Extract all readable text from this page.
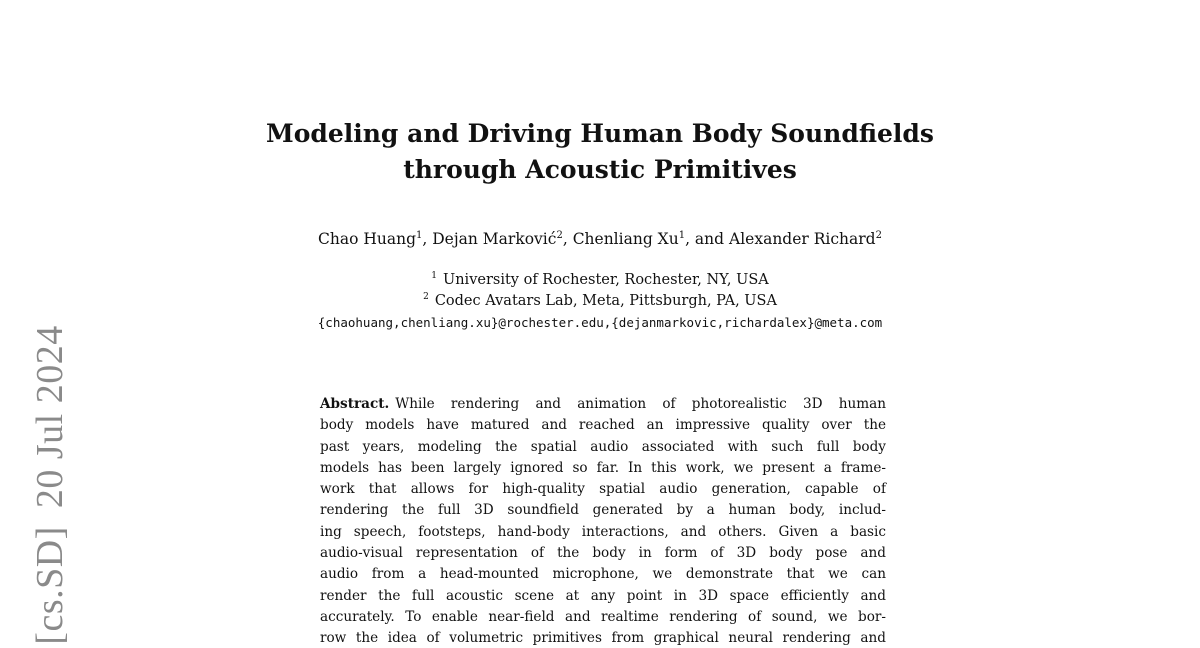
[cs.SD]20 Jul 2024
Modeling and Driving Human Body Soundfields
through Acoustic Primitives
Chao Huang$^1$, Dejan Marković$^2$, Chenliang Xu$^1$, and Alexander Richard$^2$
$^1$ University of Rochester, Rochester, NY, USA
$^2$ Codec Avatars Lab, Meta, Pittsburgh, PA, USA
{chaohuang,chenliang.xu}@rochester.edu,{dejanmarkovic,richardalex}@meta.com
Abstract. While rendering and animation of photorealistic 3D human
body models have matured and reached an impressive quality over the
past years, modeling the spatial audio associated with such full body
models has been largely ignored so far. In this work, we present a frame-
work that allows for high-quality spatial audio generation, capable of
rendering the full 3D soundfield generated by a human body, includ-
ing speech, footsteps, hand-body interactions, and others. Given a basic
audio-visual representation of the body in form of 3D body pose and
audio from a head-mounted microphone, we demonstrate that we can
render the full acoustic scene at any point in 3D space efficiently and
accurately. To enable near-field and realtime rendering of sound, we bor-
row the idea of volumetric primitives from graphical neural rendering and
